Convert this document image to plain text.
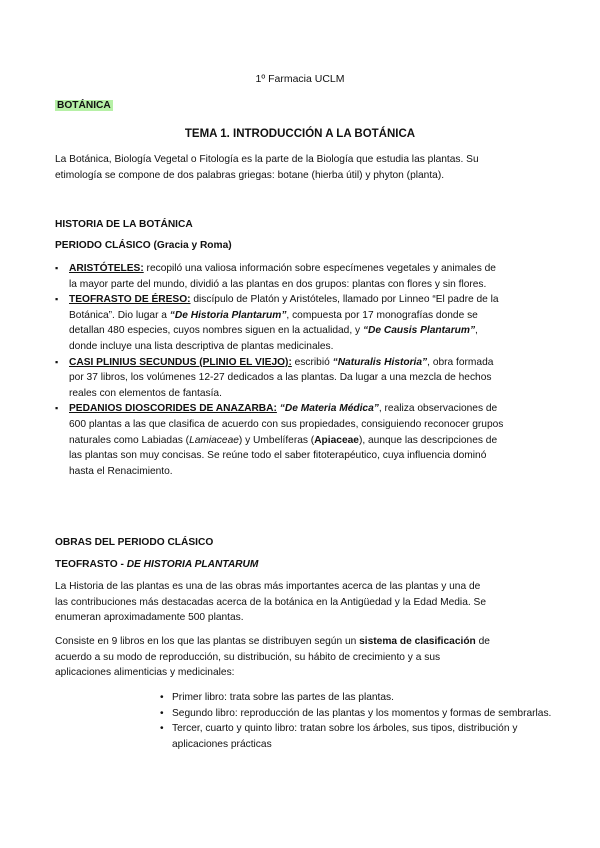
1º Farmacia UCLM
BOTÁNICA
TEMA 1. INTRODUCCIÓN A LA BOTÁNICA
La Botánica, Biología Vegetal o Fitología es la parte de la Biología que estudia las plantas. Su etimología se compone de dos palabras griegas: botane (hierba útil) y phyton (planta).
HISTORIA DE LA BOTÁNICA
PERIODO CLÁSICO (Gracia y Roma)
▪ ARISTÓTELES: recopiló una valiosa información sobre especímenes vegetales y animales de la mayor parte del mundo, dividió a las plantas en dos grupos: plantas con flores y sin flores.
▪ TEOFRASTO DE ÉRESO: discípulo de Platón y Aristóteles, llamado por Linneo “El padre de la Botánica”. Dio lugar a “De Historia Plantarum”, compuesta por 17 monografías donde se detallan 480 especies, cuyos nombres siguen en la actualidad, y “De Causis Plantarum”, donde incluye una lista descriptiva de plantas medicinales.
▪ CASI PLINIUS SECUNDUS (PLINIO EL VIEJO): escribió “Naturalis Historia”, obra formada por 37 libros, los volúmenes 12-27 dedicados a las plantas. Da lugar a una mezcla de hechos reales con elementos de fantasía.
▪ PEDANIOS DIOSCORIDES DE ANAZARBA: “De Materia Médica”, realiza observaciones de 600 plantas a las que clasifica de acuerdo con sus propiedades, consiguiendo reconocer grupos naturales como Labiadas (Lamiaceae) y Umbelíferas (Apiaceae), aunque las descripciones de las plantas son muy concisas. Se reúne todo el saber fitoterapéutico, cuya influencia dominó hasta el Renacimiento.
OBRAS DEL PERIODO CLÁSICO
TEOFRASTO - DE HISTORIA PLANTARUM
La Historia de las plantas es una de las obras más importantes acerca de las plantas y una de las contribuciones más destacadas acerca de la botánica en la Antigüedad y la Edad Media. Se enumeran aproximadamente 500 plantas.
Consiste en 9 libros en los que las plantas se distribuyen según un sistema de clasificación de acuerdo a su modo de reproducción, su distribución, su hábito de crecimiento y a sus aplicaciones alimenticias y medicinales:
• Primer libro: trata sobre las partes de las plantas.
• Segundo libro: reproducción de las plantas y los momentos y formas de sembrarlas.
• Tercer, cuarto y quinto libro: tratan sobre los árboles, sus tipos, distribución y aplicaciones prácticas
